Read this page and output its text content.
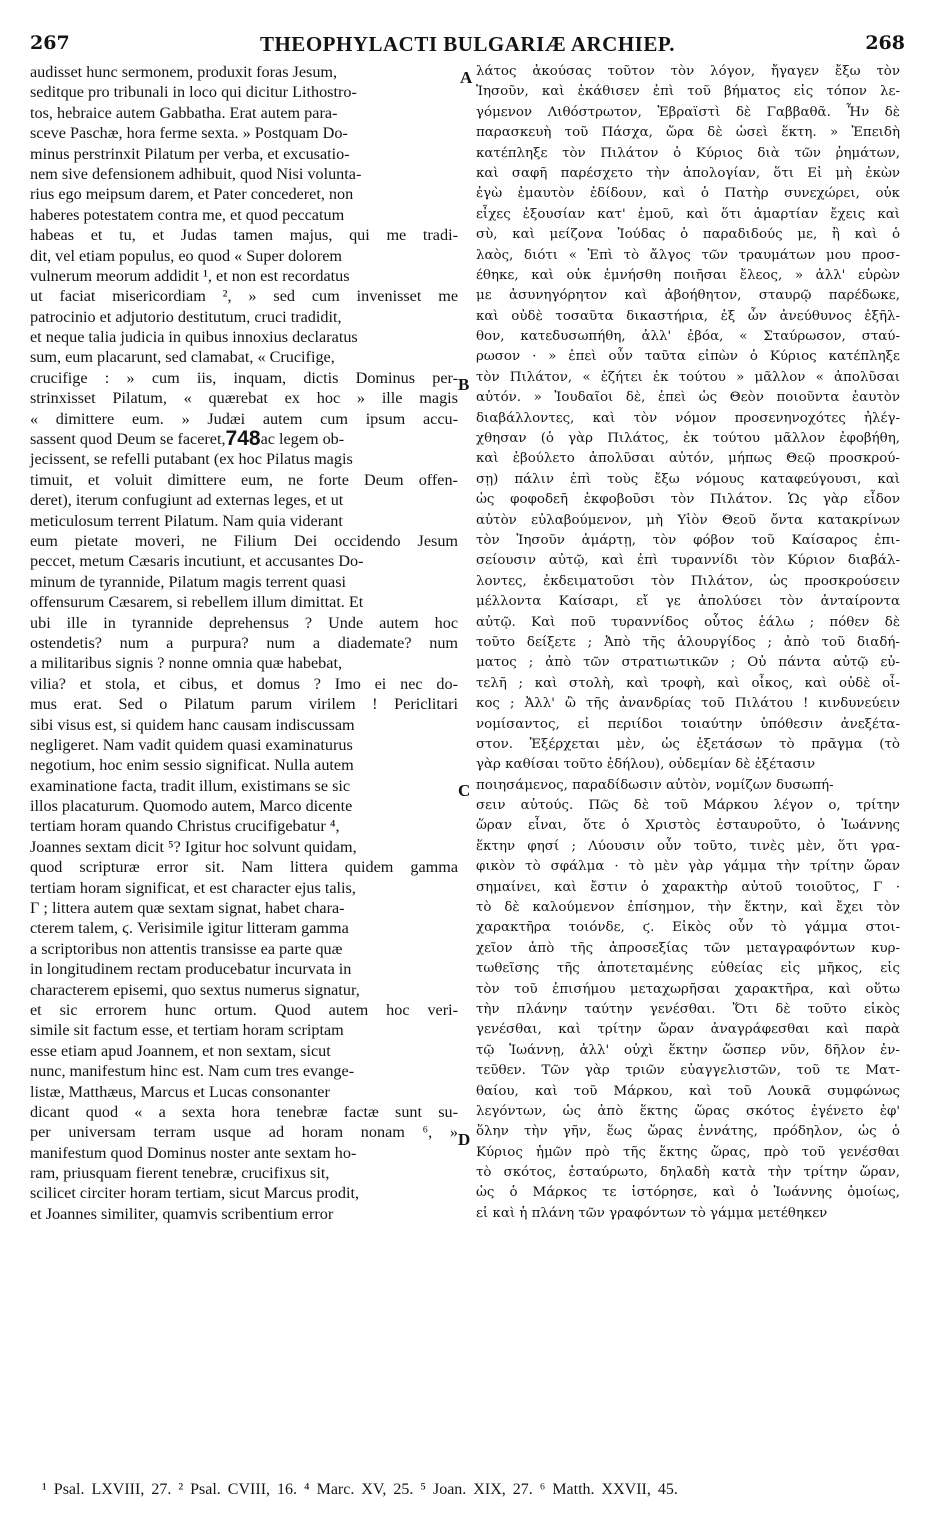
267	THEOPHYLACTI BULGARIÆ ARCHIEP.	268
audisset hunc sermonem, produxit foras Jesum,
seditque pro tribunali in loco qui dicitur Lithostro-
tos, hebraice autem Gabbatha. Erat autem para-
sceve Paschæ, hora ferme sexta. » Postquam Do-
minus perstrinxit Pilatum per verba, et excusatio-
nem sive defensionem adhibuit, quod Nisi volunta-
rius ego meipsum darem, et Pater concederet, non
haberes potestatem contra me, et quod peccatum
habeas et tu, et Judas tamen majus, qui me tradi-
dit, vel etiam populus, eo quod « Super dolorem
vulnerum meorum addidit ¹, et non est recordatus
ut faciat misericordiam ², » sed cum invenisset me
patrocinio et adjutorio destitutum, cruci tradidit,
et neque talia judicia in quibus innoxius declaratus
sum, eum placarunt, sed clamabat, « Crucifige,
crucifige : » cum iis, inquam, dictis Dominus per-
strinxisset Pilatum, « quærebat ex hoc » ille magis
« dimittere eum. » Judæi autem cum ipsum accu-
sassent quod Deum se faceret,748ac legem ob-
jecissent, se refelli putabant (ex hoc Pilatus magis
timuit, et voluit dimittere eum, ne forte Deum offen-
deret), iterum confugiunt ad externas leges, et ut
meticulosum terrent Pilatum. Nam quia viderant
eum pietate moveri, ne Filium Dei occidendo Jesum
peccet, metum Cæsaris incutiunt, et accusantes Do-
minum de tyrannide, Pilatum magis terrent quasi
offensurum Cæsarem, si rebellem illum dimittat. Et
ubi ille in tyrannide deprehensus ? Unde autem hoc
ostendetis? num a purpura? num a diademate? num
a militaribus signis ? nonne omnia quæ habebat,
vilia? et stola, et cibus, et domus ? Imo ei nec do-
mus erat. Sed o Pilatum parum virilem ! Periclitari
sibi visus est, si quidem hanc causam indiscussam
negligeret. Nam vadit quidem quasi examinaturus
negotium, hoc enim sessio significat. Nulla autem
examinatione facta, tradit illum, existimans se sic
illos placaturum. Quomodo autem, Marco dicente
tertiam horam quando Christus crucifigebatur ⁴,
Joannes sextam dicit ⁵? Igitur hoc solvunt quidam,
quod scripturæ error sit. Nam littera quidem gamma
tertiam horam significat, et est character ejus talis,
Γ ; littera autem quæ sextam signat, habet chara-
cterem talem, ϛ. Verisimile igitur litteram gamma
a scriptoribus non attentis transisse ea parte quæ
in longitudinem rectam producebatur incurvata in
characterem episemi, quo sextus numerus signatur,
et sic errorem hunc ortum. Quod autem hoc veri-
simile sit factum esse, et tertiam horam scriptam
esse etiam apud Joannem, et non sextam, sicut
nunc, manifestum hinc est. Nam cum tres evange-
listæ, Matthæus, Marcus et Lucas consonanter
dicant quod « a sexta hora tenebræ factæ sunt su-
per universam terram usque ad horam nonam ⁶, »
manifestum quod Dominus noster ante sextam ho-
ram, priusquam fierent tenebræ, crucifixus sit,
scilicet circiter horam tertiam, sicut Marcus prodit,
et Joannes similiter, quamvis scribentium error
λάτος ἀκούσας τοῦτον τὸν λόγον, ἤγαγεν ἔξω τὸν
Ἰησοῦν, καὶ ἐκάθισεν ἐπὶ τοῦ βήματος εἰς τόπον λε-
γόμενον Λιθόστρωτον, Ἑβραϊστὶ δὲ Γαββαθᾶ. Ἦν δὲ
παρασκευὴ τοῦ Πάσχα, ὥρα δὲ ὡσεὶ ἕκτη. » Ἐπειδὴ
κατέπληξε τὸν Πιλάτον ὁ Κύριος διὰ τῶν ῥημάτων,
καὶ σαφῆ παρέσχετο τὴν ἀπολογίαν, ὅτι Εἰ μὴ ἑκὼν
ἐγὼ ἐμαυτὸν ἐδίδουν, καὶ ὁ Πατὴρ συνεχώρει, οὐκ
εἶχες ἐξουσίαν κατ' ἐμοῦ, καὶ ὅτι ἁμαρτίαν ἔχεις καὶ
σὺ, καὶ μείζονα Ἰούδας ὁ παραδιδούς με, ἢ καὶ ὁ
λαὸς, διότι « Ἐπὶ τὸ ἄλγος τῶν τραυμάτων μου προσ-
έθηκε, καὶ οὐκ ἐμνήσθη ποιῆσαι ἔλεος, » ἀλλ' εὑρὼν
με ἀσυνηγόρητον καὶ ἀβοήθητον, σταυρῷ παρέδωκε,
καὶ οὐδὲ τοσαῦτα δικαστήρια, ἐξ ὧν ἀνεύθυνος ἐξῆλ-
θον, κατεδυσωπήθη, ἀλλ' ἐβόα, « Σταύρωσον, σταύ-
ρωσον · » ἐπεὶ οὖν ταῦτα εἰπὼν ὁ Κύριος κατέπληξε
τὸν Πιλάτον, « ἐζήτει ἐκ τούτου » μᾶλλον « ἀπολῦσαι
αὐτόν. » Ἰουδαῖοι δὲ, ἐπεὶ ὡς Θεὸν ποιοῦντα ἑαυτὸν
διαβάλλοντες, καὶ τὸν νόμον προσενηνοχότες ἠλέγ-
χθησαν (ὁ γὰρ Πιλάτος, ἐκ τούτου μᾶλλον ἐφοβήθη,
καὶ ἐβούλετο ἀπολῦσαι αὐτόν, μήπως Θεῷ προσκρού-
σῃ) πάλιν ἐπὶ τοὺς ἔξω νόμους καταφεύγουσι, καὶ
ὡς φοφοδεῆ ἐκφοβοῦσι τὸν Πιλάτον. Ὡς γὰρ εἶδον
αὐτὸν εὐλαβούμενον, μὴ Υἱὸν Θεοῦ ὄντα κατακρίνων
τὸν Ἰησοῦν ἁμάρτῃ, τὸν φόβον τοῦ Καίσαρος ἐπι-
σείουσιν αὐτῷ, καὶ ἐπὶ τυραννίδι τὸν Κύριον διαβάλ-
λοντες, ἐκδειματοῦσι τὸν Πιλάτον, ὡς προσκρούσειν
μέλλοντα Καίσαρι, εἴ γε ἀπολύσει τὸν ἀνταίροντα
αὐτῷ. Καὶ ποῦ τυραννίδος οὗτος ἑάλω ; πόθεν δὲ
τοῦτο δείξετε ; Ἀπὸ τῆς ἁλουργίδος ; ἀπὸ τοῦ διαδή-
ματος ; ἀπὸ τῶν στρατιωτικῶν ; Οὐ πάντα αὐτῷ εὐ-
τελῆ ; καὶ στολὴ, καὶ τροφὴ, καὶ οἶκος, καὶ οὐδὲ οἶ-
κος ; Ἀλλ' ὢ τῆς ἀνανδρίας τοῦ Πιλάτου ! κινδυνεύειν
νομίσαντος, εἰ περιίδοι τοιαύτην ὑπόθεσιν ἀνεξέτα-
στον. Ἐξέρχεται μὲν, ὡς ἐξετάσων τὸ πρᾶγμα (τὸ
γὰρ καθίσαι τοῦτο ἐδήλου), οὐδεμίαν δὲ ἐξέτασιν
ποιησάμενος, παραδίδωσιν αὐτὸν, νομίζων δυσωπή-
σειν αὐτούς. Πῶς δὲ τοῦ Μάρκου λέγον ο, τρίτην
ὥραν εἶναι, ὅτε ὁ Χριστὸς ἐσταυροῦτο, ὁ Ἰωάννης
ἕκτην φησί ; Λύουσιν οὖν τοῦτο, τινὲς μὲν, ὅτι γρα-
φικὸν τὸ σφάλμα · τὸ μὲν γὰρ γάμμα τὴν τρίτην ὥραν
σημαίνει, καὶ ἔστιν ὁ χαρακτὴρ αὐτοῦ τοιοῦτος, Γ ·
τὸ δὲ καλούμενον ἐπίσημον, τὴν ἕκτην, καὶ ἔχει τὸν
χαρακτῆρα τοιόνδε, ϛ. Εἰκὸς οὖν τὸ γάμμα στοι-
χεῖον ἀπὸ τῆς ἀπροσεξίας τῶν μεταγραφόντων κυρ-
τωθεῖσης τῆς ἀποτεταμένης εὐθείας εἰς μῆκος, εἰς
τὸν τοῦ ἐπισήμου μεταχωρῆσαι χαρακτῆρα, καὶ οὕτω
τὴν πλάνην ταύτην γενέσθαι. Ὅτι δὲ τοῦτο εἰκὸς
γενέσθαι, καὶ τρίτην ὥραν ἀναγράφεσθαι καὶ παρὰ
τῷ Ἰωάννῃ, ἀλλ' οὐχὶ ἕκτην ὥσπερ νῦν, δῆλον ἐν-
τεῦθεν. Τῶν γὰρ τριῶν εὐαγγελιστῶν, τοῦ τε Ματ-
θαίου, καὶ τοῦ Μάρκου, καὶ τοῦ Λουκᾶ συμφώνως
λεγόντων, ὡς ἀπὸ ἕκτης ὥρας σκότος ἐγένετο ἐφ'
ὅλην τὴν γῆν, ἕως ὥρας ἐννάτης, πρόδηλον, ὡς ὁ
Κύριος ἡμῶν πρὸ τῆς ἕκτης ὥρας, πρὸ τοῦ γενέσθαι
τὸ σκότος, ἐσταύρωτο, δηλαδὴ κατὰ τὴν τρίτην ὥραν,
ὡς ὁ Μάρκος τε ἱστόρησε, καὶ ὁ Ἰωάννης ὁμοίως,
εἰ καὶ ἡ πλάνη τῶν γραφόντων τὸ γάμμα μετέθηκεν
A
B
C
D
¹ Psal. LXVIII, 27. ² Psal. CVIII, 16. ⁴ Marc. XV, 25. ⁵ Joan. XIX, 27. ⁶ Matth. XXVII, 45.
